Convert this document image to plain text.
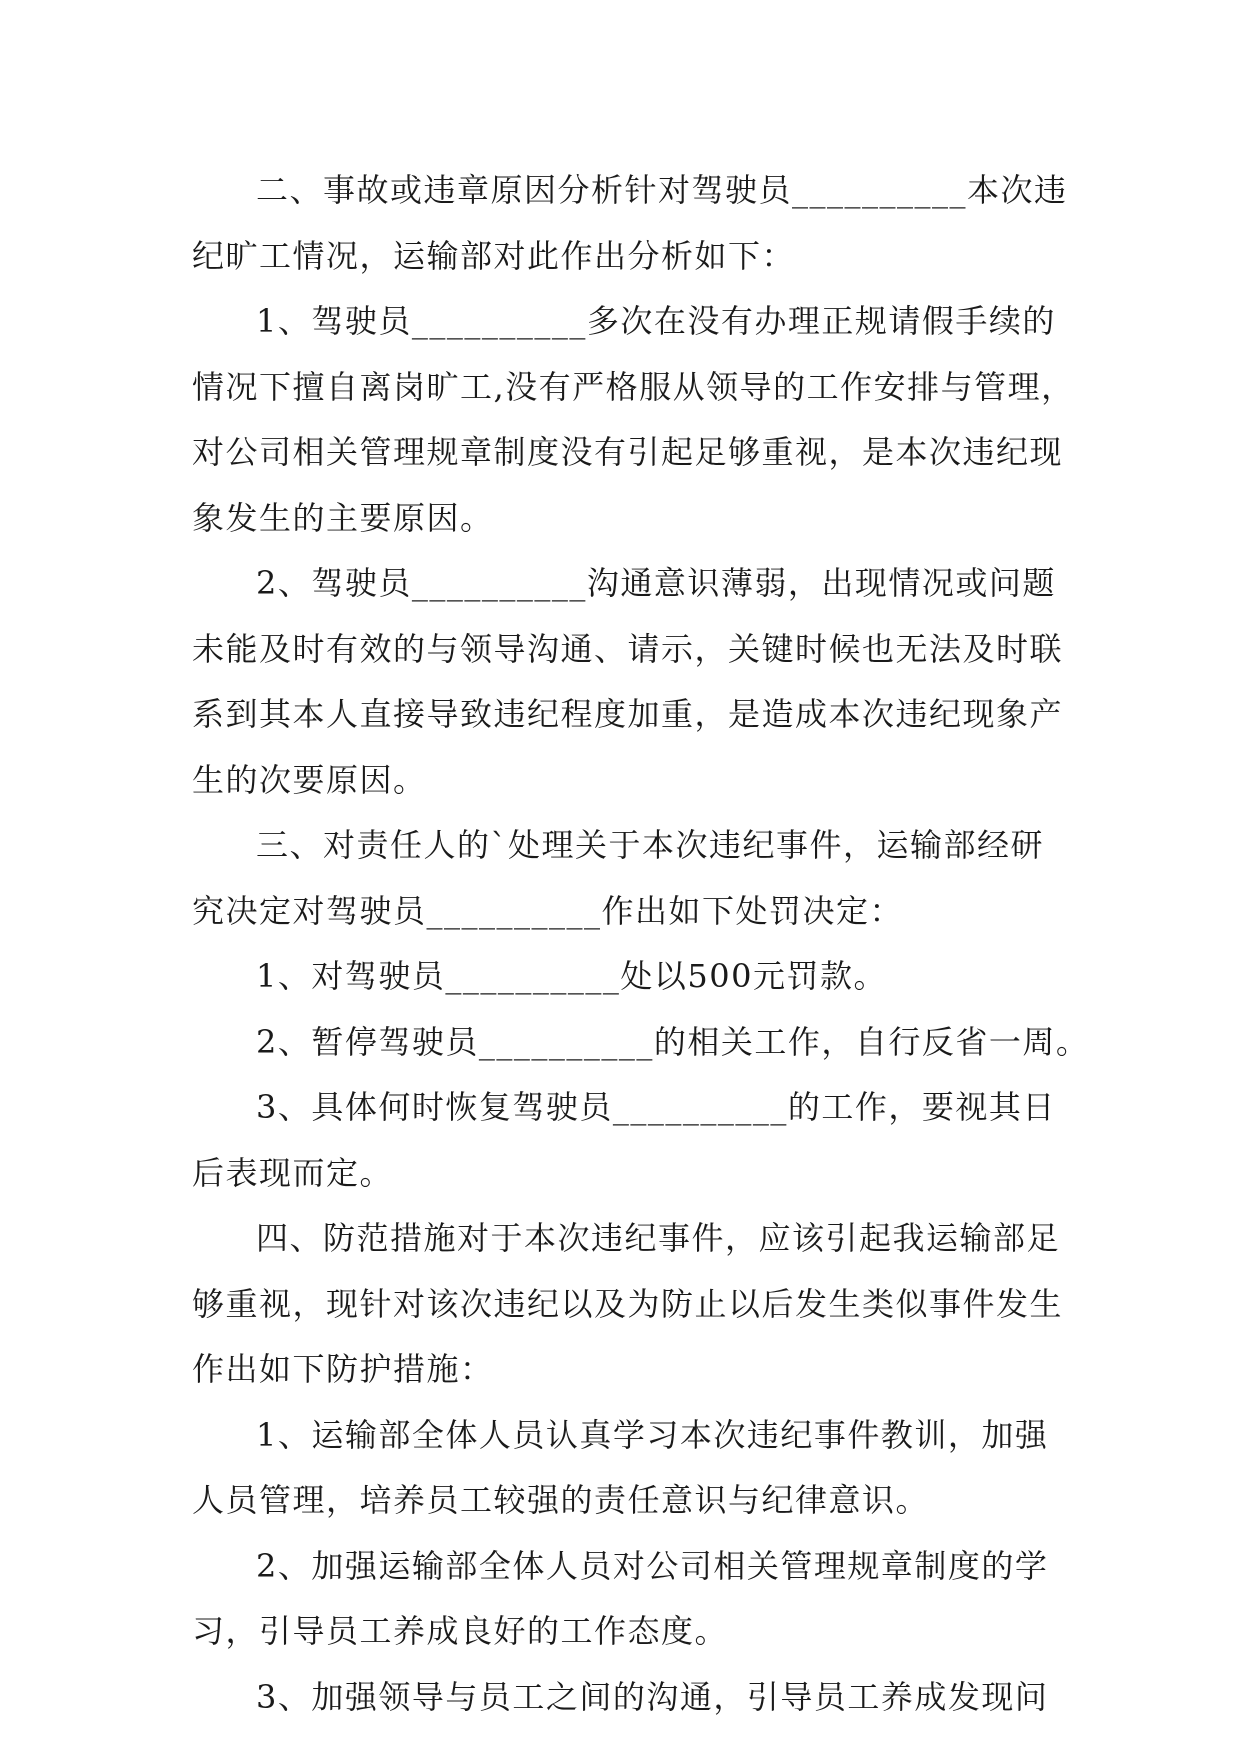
二、事故或违章原因分析针对驾驶员__________本次违
纪旷工情况，运输部对此作出分析如下：
1、驾驶员__________多次在没有办理正规请假手续的
情况下擅自离岗旷工,没有严格服从领导的工作安排与管理，
对公司相关管理规章制度没有引起足够重视，是本次违纪现
象发生的主要原因。
2、驾驶员__________沟通意识薄弱，出现情况或问题
未能及时有效的与领导沟通、请示，关键时候也无法及时联
系到其本人直接导致违纪程度加重，是造成本次违纪现象产
生的次要原因。
三、对责任人的`处理关于本次违纪事件，运输部经研
究决定对驾驶员__________作出如下处罚决定：
1、对驾驶员__________处以500元罚款。
2、暂停驾驶员__________的相关工作，自行反省一周。
3、具体何时恢复驾驶员__________的工作，要视其日
后表现而定。
四、防范措施对于本次违纪事件，应该引起我运输部足
够重视，现针对该次违纪以及为防止以后发生类似事件发生
作出如下防护措施：
1、运输部全体人员认真学习本次违纪事件教训，加强
人员管理，培养员工较强的责任意识与纪律意识。
2、加强运输部全体人员对公司相关管理规章制度的学
习，引导员工养成良好的工作态度。
3、加强领导与员工之间的沟通，引导员工养成发现问
